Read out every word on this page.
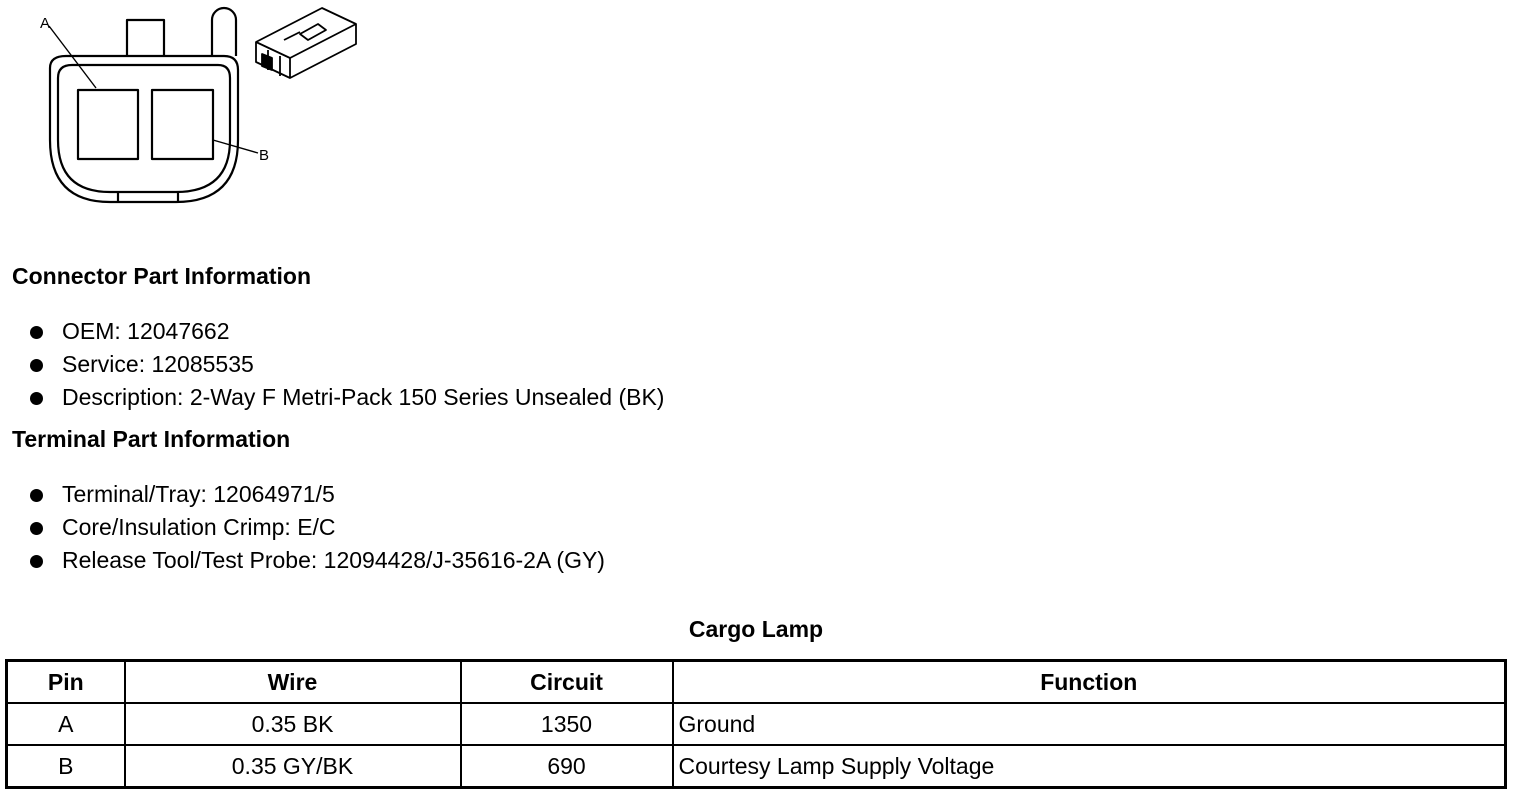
A
B
Connector Part Information
OEM: 12047662
Service: 12085535
Description: 2-Way F Metri-Pack 150 Series Unsealed (BK)
Terminal Part Information
Terminal/Tray: 12064971/5
Core/Insulation Crimp: E/C
Release Tool/Test Probe: 12094428/J-35616-2A (GY)
Cargo Lamp
Pin	Wire	Circuit	Function
A	0.35 BK	1350	Ground
B	0.35 GY/BK	690	Courtesy Lamp Supply Voltage
